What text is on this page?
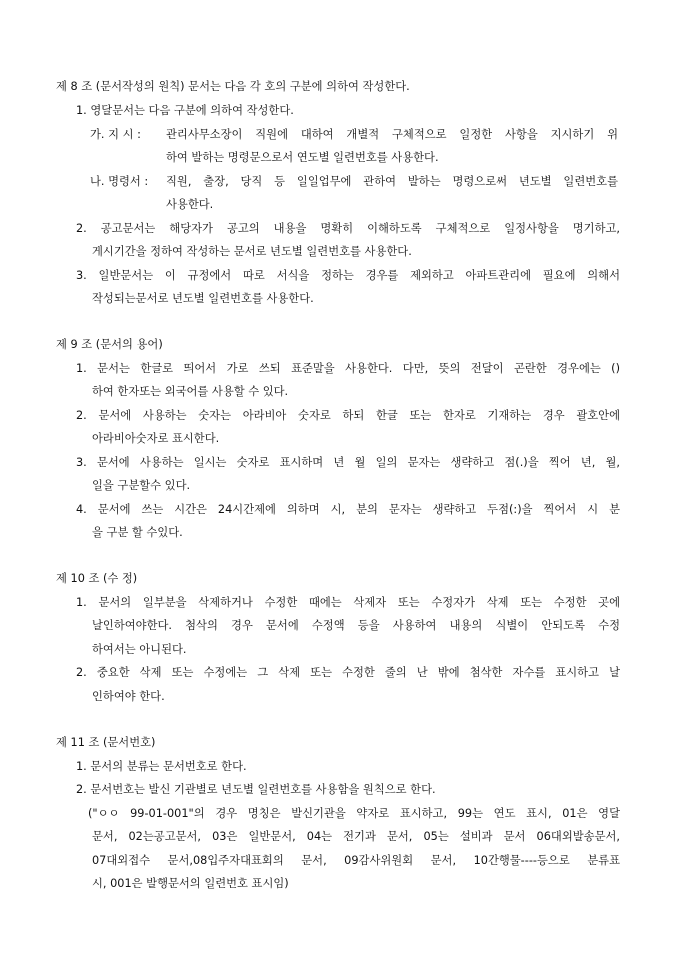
제 8 조 (문서작성의 원칙) 문서는 다음 각 호의 구분에 의하여 작성한다.
1. 영달문서는 다음 구분에 의하여 작성한다.
가. 지 시 : 관리사무소장이 직원에 대하여 개별적 구체적으로 일정한 사항을 지시하기 위
하여 발하는 명령문으로서 연도별 일련번호를 사용한다.
나. 명령서 : 직원, 출장, 당직 등 일일업무에 관하여 발하는 명령으로써 년도별 일련번호를
사용한다.
2. 공고문서는 해당자가 공고의 내용을 명확히 이해하도록 구체적으로 일정사항을 명기하고,
게시기간을 정하여 작성하는 문서로 년도별 일련번호를 사용한다.
3. 일반문서는 이 규정에서 따로 서식을 정하는 경우를 제외하고 아파트관리에 필요에 의해서
작성되는문서로 년도별 일련번호를 사용한다.
제 9 조 (문서의 용어)
1. 문서는 한글로 띄어서 가로 쓰되 표준말을 사용한다. 다만, 뜻의 전달이 곤란한 경우에는 ()
하여 한자또는 외국어를 사용할 수 있다.
2. 문서에 사용하는 숫자는 아라비아 숫자로 하되 한글 또는 한자로 기재하는 경우 괄호안에
아라비아숫자로 표시한다.
3. 문서에 사용하는 일시는 숫자로 표시하며 년 월 일의 문자는 생략하고 점(.)을 찍어 년, 월,
일을 구분할수 있다.
4. 문서에 쓰는 시간은 24시간제에 의하며 시, 분의 문자는 생략하고 두점(:)을 찍어서 시 분
을 구분 할 수있다.
제 10 조 (수 정)
1. 문서의 일부분을 삭제하거나 수정한 때에는 삭제자 또는 수정자가 삭제 또는 수정한 곳에
날인하여야한다. 첨삭의 경우 문서에 수정액 등을 사용하여 내용의 식별이 안되도록 수정
하여서는 아니된다.
2. 중요한 삭제 또는 수정에는 그 삭제 또는 수정한 줄의 난 밖에 첨삭한 자수를 표시하고 날
인하여야 한다.
제 11 조 (문서번호)
1. 문서의 분류는 문서번호로 한다.
2. 문서번호는 발신 기관별로 년도별 일련번호를 사용함을 원칙으로 한다.
("ㅇㅇ 99-01-001"의 경우 명칭은 발신기관을 약자로 표시하고, 99는 연도 표시, 01은 영달
문서, 02는공고문서, 03은 일반문서, 04는 전기과 문서, 05는 설비과 문서 06대외발송문서,
07대외접수 문서,08입주자대표회의 문서, 09감사위원회 문서, 10간행물----등으로 분류표
시, 001은 발행문서의 일련번호 표시임)
